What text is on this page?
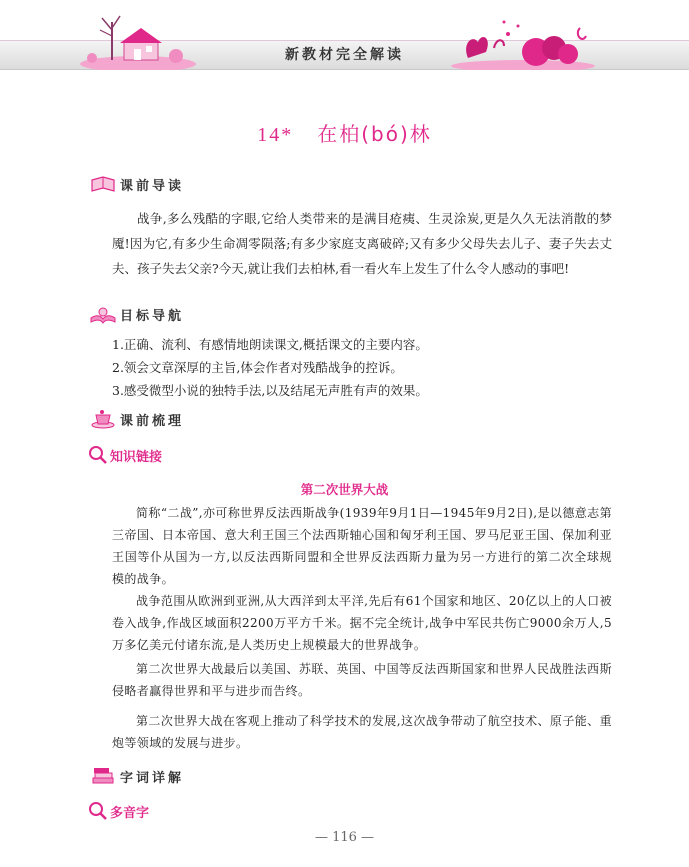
新教材完全解读
14* 在柏(bó)林
课前导读
战争,多么残酷的字眼,它给人类带来的是满目疮痍、生灵涂炭,更是久久无法消散的梦魇!因为它,有多少生命凋零陨落;有多少家庭支离破碎;又有多少父母失去儿子、妻子失去丈夫、孩子失去父亲?今天,就让我们去柏林,看一看火车上发生了什么令人感动的事吧!
目标导航
1.正确、流利、有感情地朗读课文,概括课文的主要内容。
2.领会文章深厚的主旨,体会作者对残酷战争的控诉。
3.感受微型小说的独特手法,以及结尾无声胜有声的效果。
课前梳理
知识链接
第二次世界大战
简称“二战”,亦可称世界反法西斯战争(1939年9月1日—1945年9月2日),是以德意志第三帝国、日本帝国、意大利王国三个法西斯轴心国和匈牙利王国、罗马尼亚王国、保加利亚王国等仆从国为一方,以反法西斯同盟和全世界反法西斯力量为另一方进行的第二次全球规模的战争。
战争范围从欧洲到亚洲,从大西洋到太平洋,先后有61个国家和地区、20亿以上的人口被卷入战争,作战区域面积2200万平方千米。据不完全统计,战争中军民共伤亡9000余万人,5万多亿美元付诸东流,是人类历史上规模最大的世界战争。
第二次世界大战最后以美国、苏联、英国、中国等反法西斯国家和世界人民战胜法西斯侵略者赢得世界和平与进步而告终。
第二次世界大战在客观上推动了科学技术的发展,这次战争带动了航空技术、原子能、重炮等领域的发展与进步。
字词详解
多音字
— 116 —
